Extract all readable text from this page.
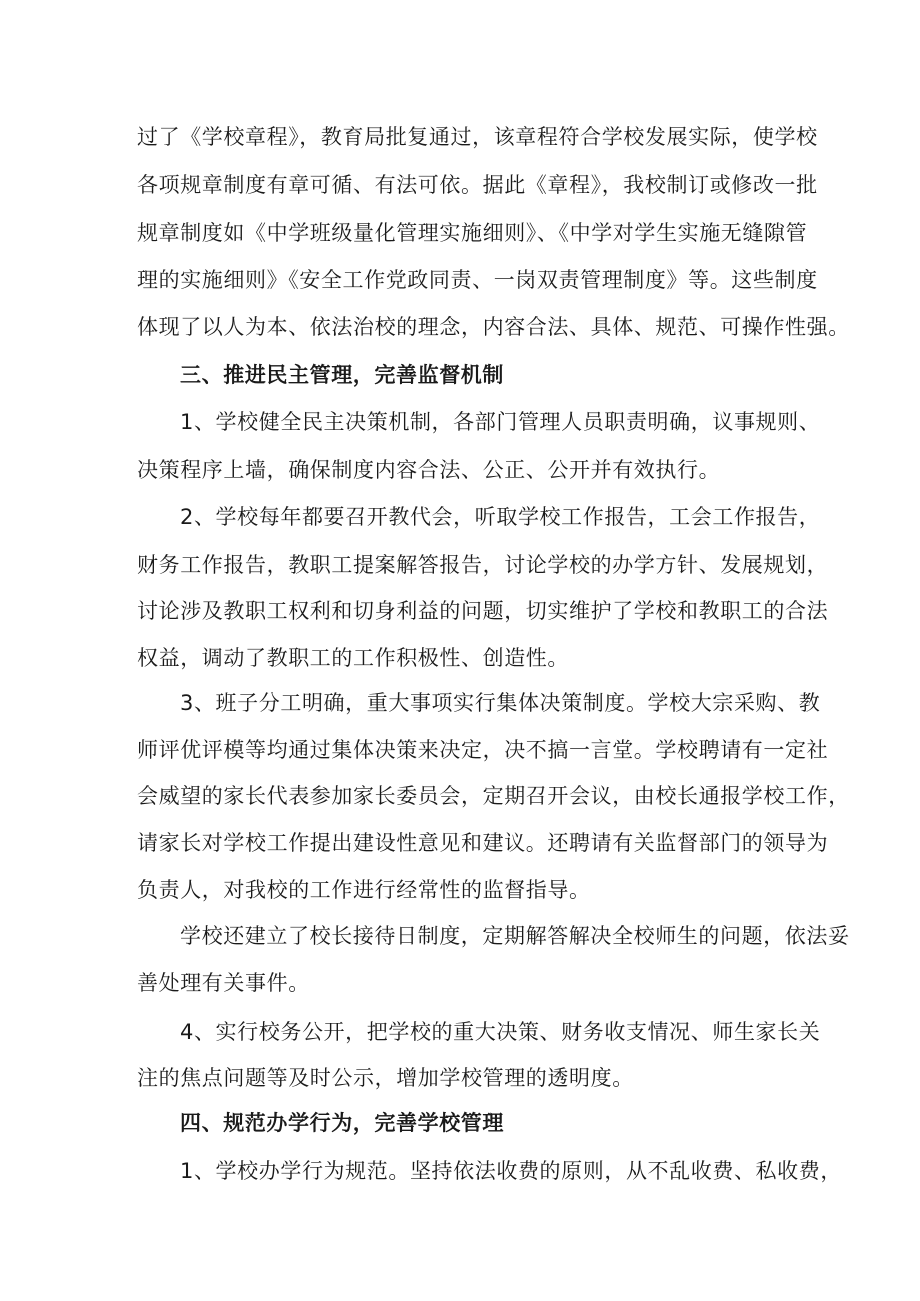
过了《学校章程》，教育局批复通过，该章程符合学校发展实际，使学校
各项规章制度有章可循、有法可依。据此《章程》，我校制订或修改一批
规章制度如《中学班级量化管理实施细则》、《中学对学生实施无缝隙管
理的实施细则》《安全工作党政同责、一岗双责管理制度》等。这些制度
体现了以人为本、依法治校的理念，内容合法、具体、规范、可操作性强。
三、推进民主管理，完善监督机制
1、学校健全民主决策机制，各部门管理人员职责明确，议事规则、
决策程序上墙，确保制度内容合法、公正、公开并有效执行。
2、学校每年都要召开教代会，听取学校工作报告，工会工作报告，
财务工作报告，教职工提案解答报告，讨论学校的办学方针、发展规划，
讨论涉及教职工权利和切身利益的问题，切实维护了学校和教职工的合法
权益，调动了教职工的工作积极性、创造性。
3、班子分工明确，重大事项实行集体决策制度。学校大宗采购、教
师评优评模等均通过集体决策来决定，决不搞一言堂。学校聘请有一定社
会威望的家长代表参加家长委员会，定期召开会议，由校长通报学校工作，
请家长对学校工作提出建设性意见和建议。还聘请有关监督部门的领导为
负责人，对我校的工作进行经常性的监督指导。
学校还建立了校长接待日制度，定期解答解决全校师生的问题，依法妥
善处理有关事件。
4、实行校务公开，把学校的重大决策、财务收支情况、师生家长关
注的焦点问题等及时公示，增加学校管理的透明度。
四、规范办学行为，完善学校管理
1、学校办学行为规范。坚持依法收费的原则，从不乱收费、私收费，
